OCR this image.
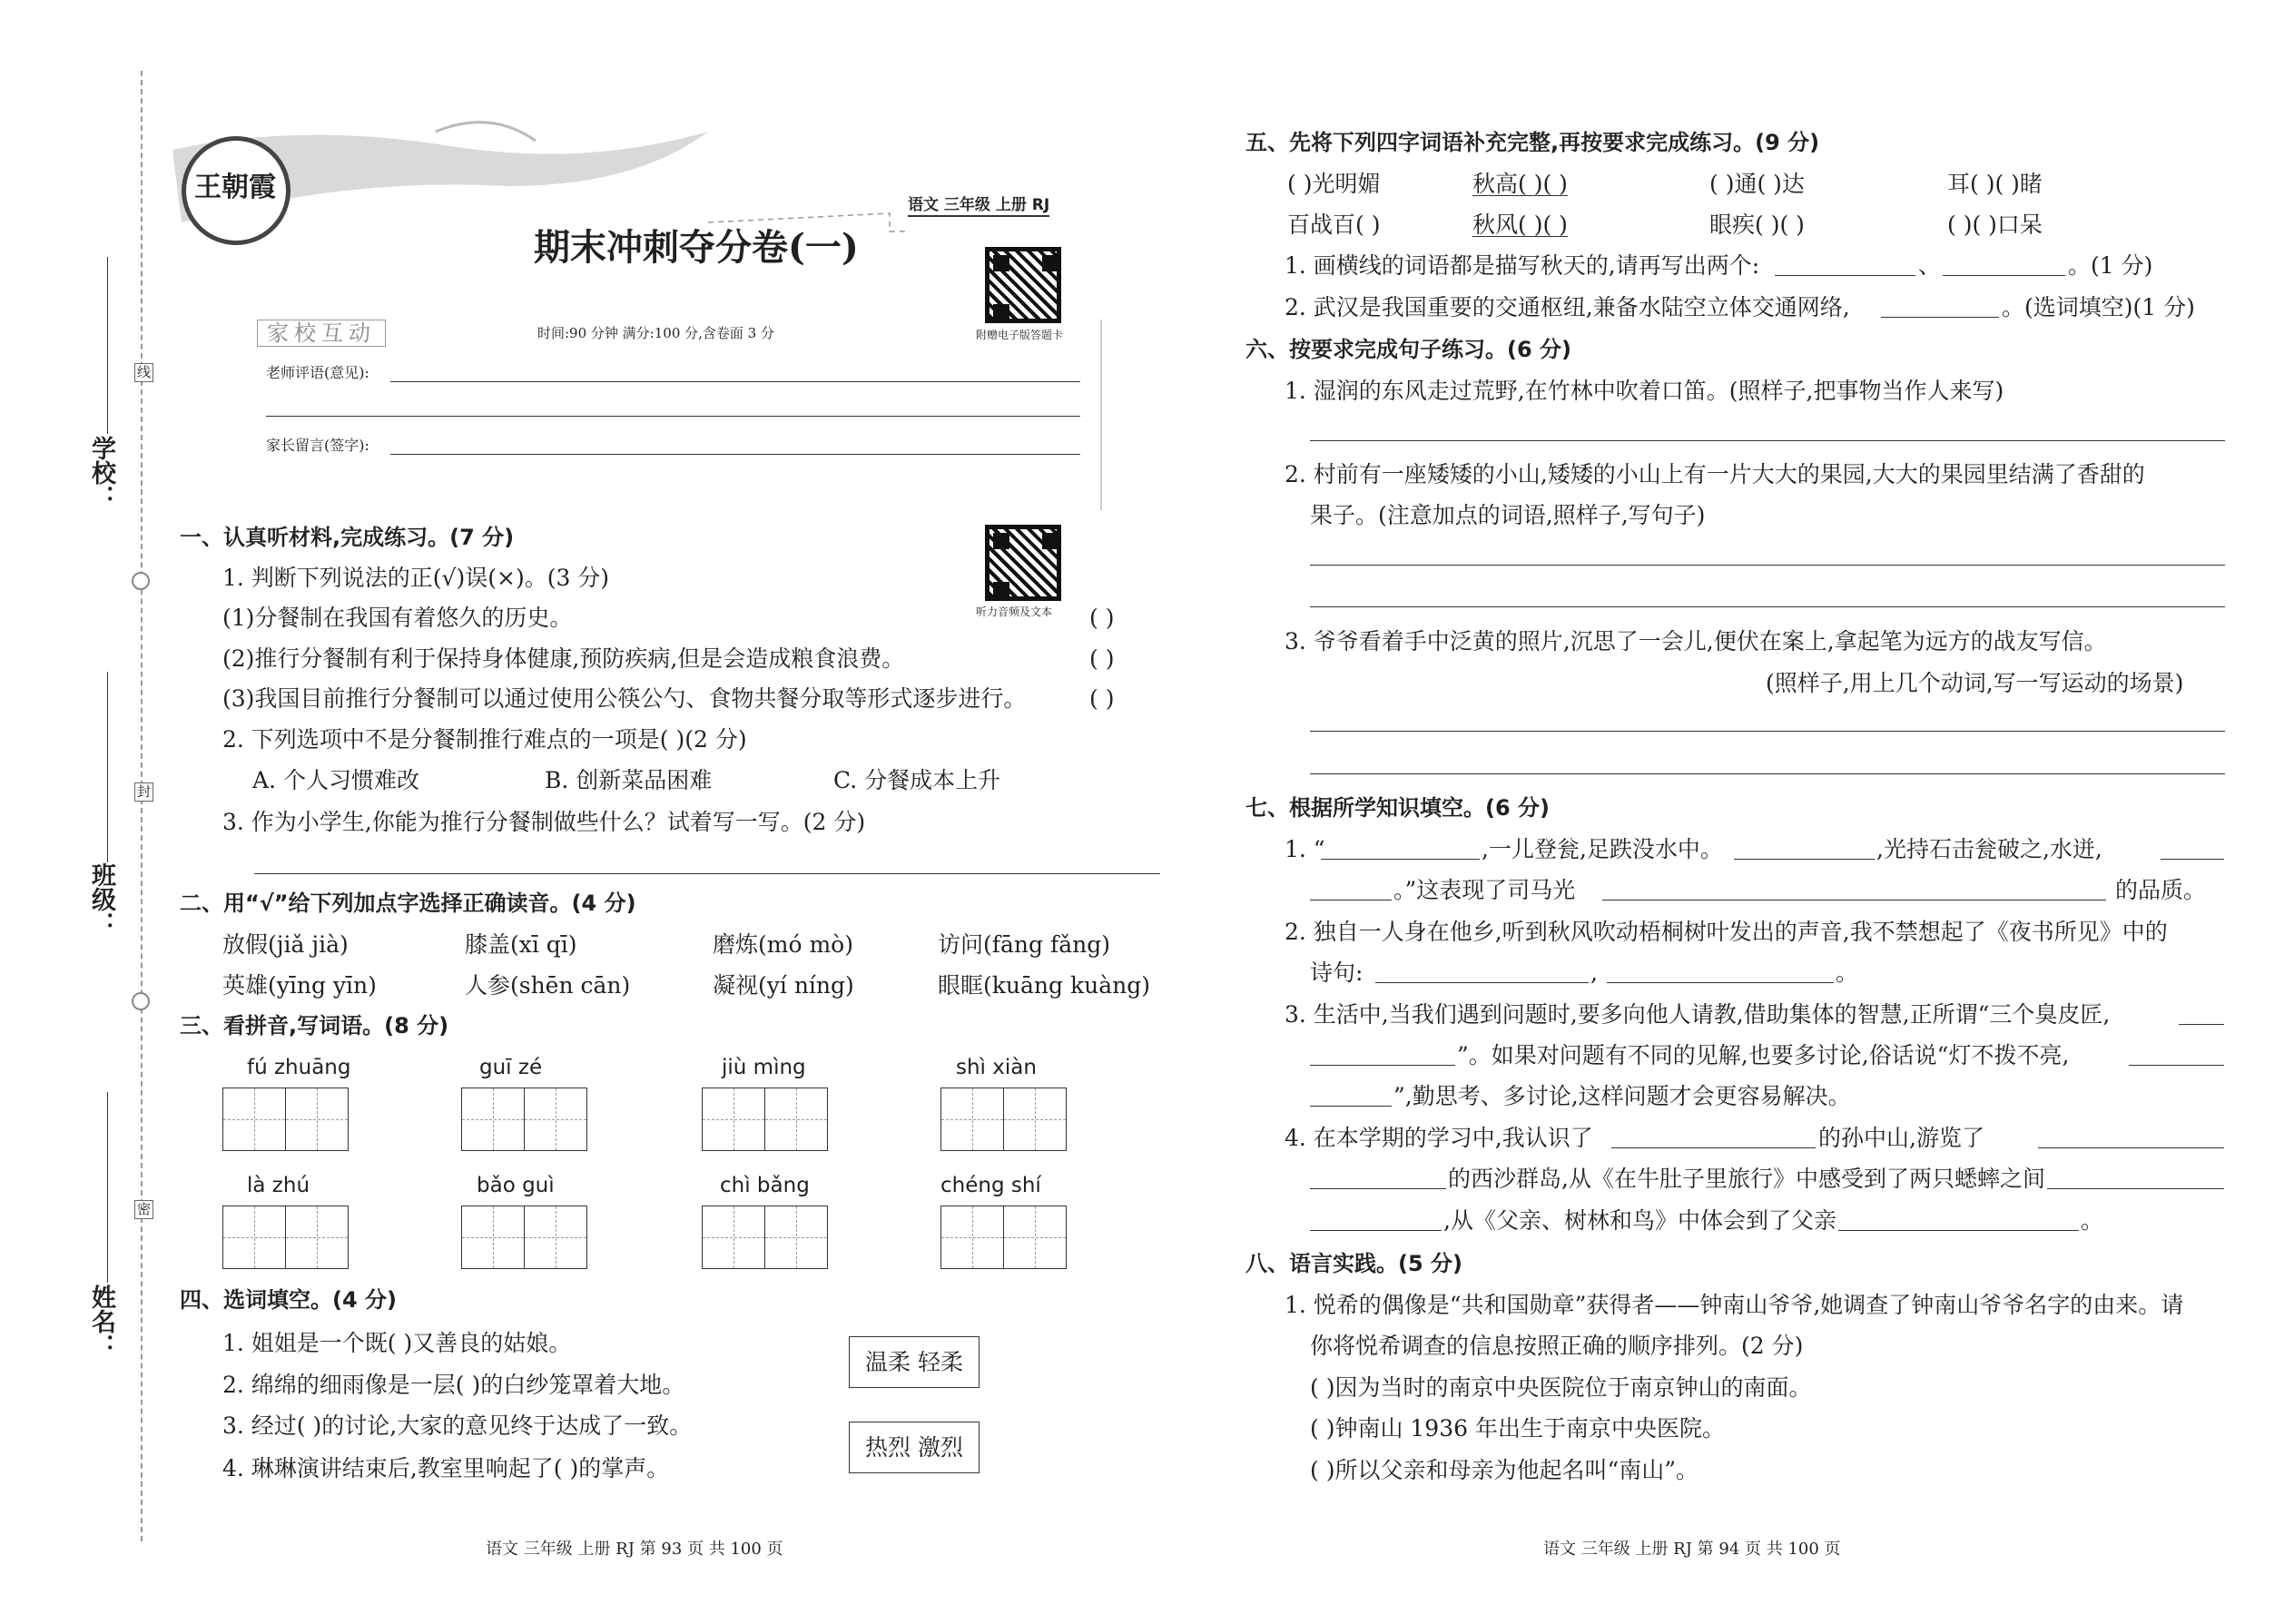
学校：
班级：
姓名：
线
封
密
王朝霞
语文 三年级 上册 RJ
期末冲刺夺分卷(一)
附赠电子版答题卡
家校互动	时间:90 分钟 满分:100 分,含卷面 3 分
老师评语(意见):
家长留言(签字):
听力音频及文本
一、认真听材料,完成练习。(7 分)
1. 判断下列说法的正(√)误(×)。(3 分)
(1)分餐制在我国有着悠久的历史。	( )
(2)推行分餐制有利于保持身体健康,预防疾病,但是会造成粮食浪费。	( )
(3)我国目前推行分餐制可以通过使用公筷公勺、食物共餐分取等形式逐步进行。	( )
2. 下列选项中不是分餐制推行难点的一项是( )(2 分)
A. 个人习惯难改	B. 创新菜品困难	C. 分餐成本上升
3. 作为小学生,你能为推行分餐制做些什么？试着写一写。(2 分)
二、用“√”给下列加点字选择正确读音。(4 分)
放假(jiǎ jià)	膝盖(xī qī)	磨炼(mó mò)	访问(fāng fǎng)
英雄(yīng yīn)	人参(shēn cān)	凝视(yí níng)	眼眶(kuāng kuàng)
三、看拼音,写词语。(8 分)
fú zhuāng	guī zé	jiù mìng	shì xiàn
là zhú	bǎo guì	chì bǎng	chéng shí
四、选词填空。(4 分)
1. 姐姐是一个既( )又善良的姑娘。
2. 绵绵的细雨像是一层( )的白纱笼罩着大地。
3. 经过( )的讨论,大家的意见终于达成了一致。
4. 琳琳演讲结束后,教室里响起了( )的掌声。
温柔 轻柔
热烈 激烈
语文 三年级 上册 RJ 第 93 页 共 100 页
五、先将下列四字词语补充完整,再按要求完成练习。(9 分)
( )光明媚	秋高( )( )	( )通( )达	耳( )( )睹
百战百( )	秋风( )( )	眼疾( )( )	( )( )口呆
1. 画横线的词语都是描写秋天的,请再写出两个:	、	。(1 分)
2. 武汉是我国重要的交通枢纽,兼备水陆空立体交通网络,	。(选词填空)(1 分)
六、按要求完成句子练习。(6 分)
1. 湿润的东风走过荒野,在竹林中吹着口笛。(照样子,把事物当作人来写)
2. 村前有一座矮矮的小山,矮矮的小山上有一片大大的果园,大大的果园里结满了香甜的
果子。(注意加点的词语,照样子,写句子)
3. 爷爷看着手中泛黄的照片,沉思了一会儿,便伏在案上,拿起笔为远方的战友写信。
(照样子,用上几个动词,写一写运动的场景)
七、根据所学知识填空。(6 分)
1. “	,一儿登瓮,足跌没水中。	,光持石击瓮破之,水迸,
。”这表现了司马光	的品质。
2. 独自一人身在他乡,听到秋风吹动梧桐树叶发出的声音,我不禁想起了《夜书所见》中的
诗句:	,	。
3. 生活中,当我们遇到问题时,要多向他人请教,借助集体的智慧,正所谓“三个臭皮匠,
”。如果对问题有不同的见解,也要多讨论,俗话说“灯不拨不亮,
”,勤思考、多讨论,这样问题才会更容易解决。
4. 在本学期的学习中,我认识了	的孙中山,游览了
的西沙群岛,从《在牛肚子里旅行》中感受到了两只蟋蟀之间
,从《父亲、树林和鸟》中体会到了父亲	。
八、语言实践。(5 分)
1. 悦希的偶像是“共和国勋章”获得者——钟南山爷爷,她调查了钟南山爷爷名字的由来。请
你将悦希调查的信息按照正确的顺序排列。(2 分)
( )因为当时的南京中央医院位于南京钟山的南面。
( )钟南山 1936 年出生于南京中央医院。
( )所以父亲和母亲为他起名叫“南山”。
语文 三年级 上册 RJ 第 94 页 共 100 页
